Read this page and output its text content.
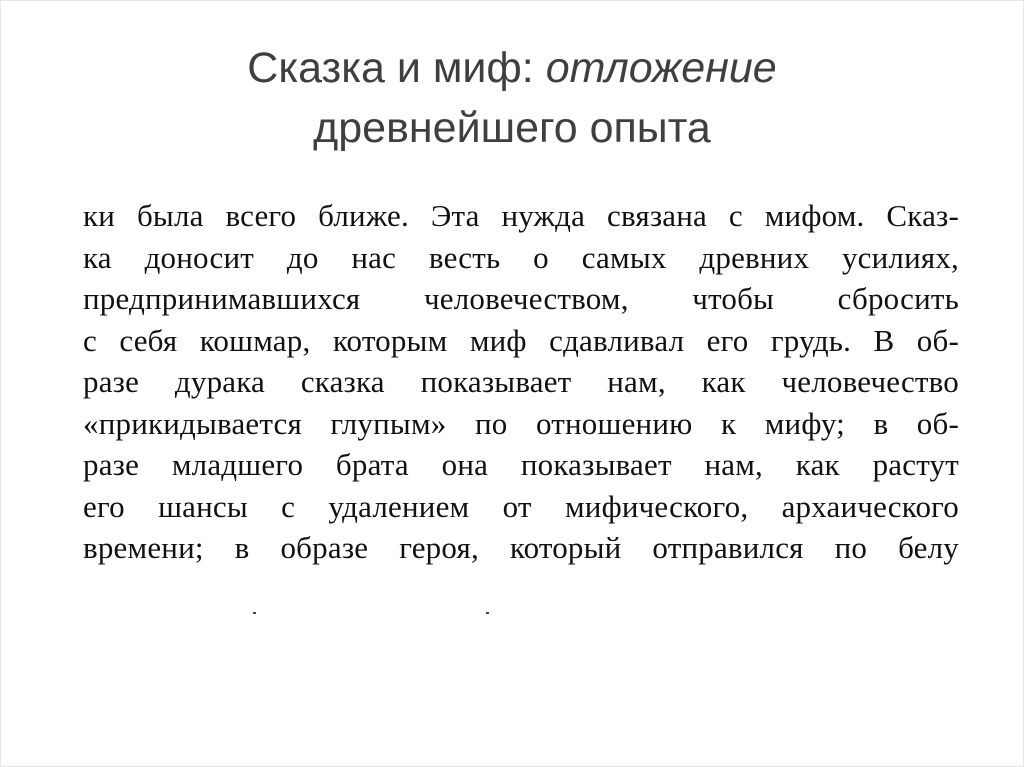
Сказка и миф: отложение
древнейшего опыта
ки была всего ближе. Эта нужда связана с мифом. Сказ-
ка доносит до нас весть о самых древних усилиях,
предпринимавшихся человечеством, чтобы сбросить
с себя кошмар, которым миф сдавливал его грудь. В об-
разе дурака сказка показывает нам, как человечество
«прикидывается глупым» по отношению к мифу; в об-
разе младшего брата она показывает нам, как растут
его шансы с удалением от мифического, архаического
времени; в образе героя, который отправился по белу
